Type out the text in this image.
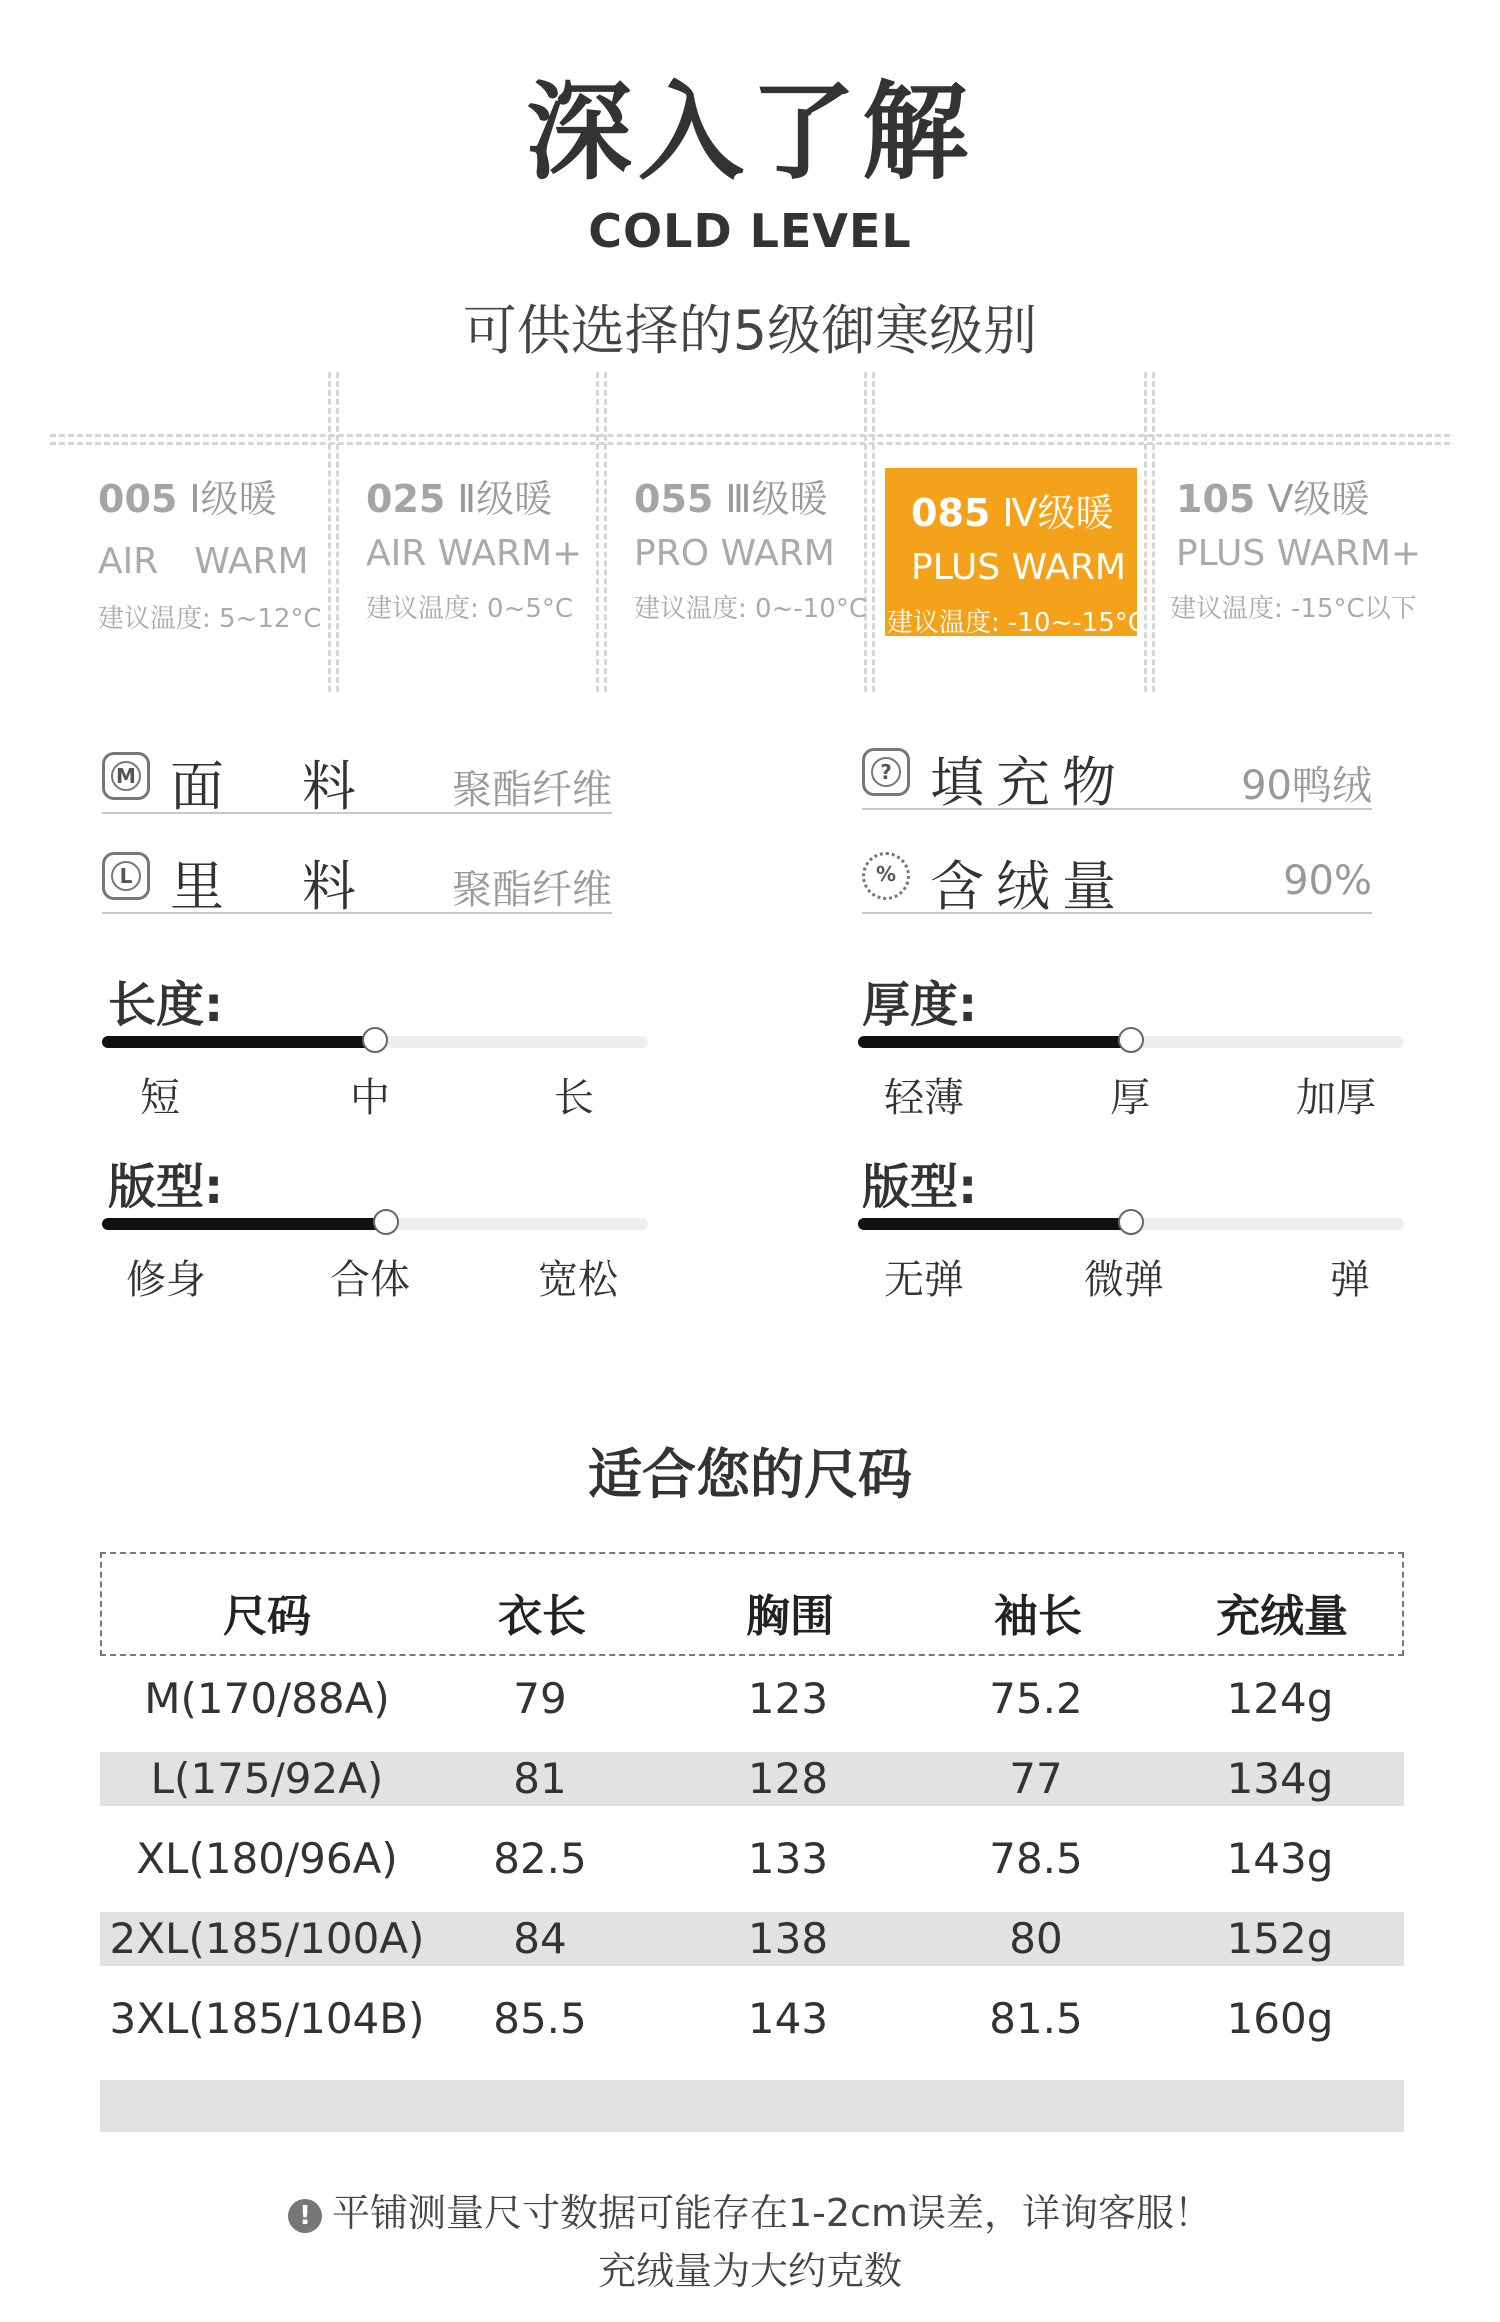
深入了解
COLD LEVEL
可供选择的5级御寒级别
005 Ⅰ级暖
AIR　WARM
建议温度: 5~12°C
025 Ⅱ级暖
AIR WARM+
建议温度: 0~5°C
055 Ⅲ级暖
PRO WARM
建议温度: 0~-10°C
085 Ⅳ级暖
PLUS WARM
建议温度: -10~-15°C
105 Ⅴ级暖
PLUS WARM+
建议温度: -15°C以下
M 面　料 聚酯纤维
L 里　料 聚酯纤维
? 填充物	90鸭绒
% 含绒量	90%
长度:
短	中	长
厚度:
轻薄	厚	加厚
版型:
修身	合体	宽松
版型:
无弹	微弹	弹
适合您的尺码
尺码	衣长	胸围	袖长	充绒量
M(170/88A)	79	123	75.2	124g
L(175/92A)	81	128	77	134g
XL(180/96A)	82.5	133	78.5	143g
2XL(185/100A)	84	138	80	152g
3XL(185/104B)	85.5	143	81.5	160g
! 平铺测量尺寸数据可能存在1-2cm误差，详询客服！
充绒量为大约克数
